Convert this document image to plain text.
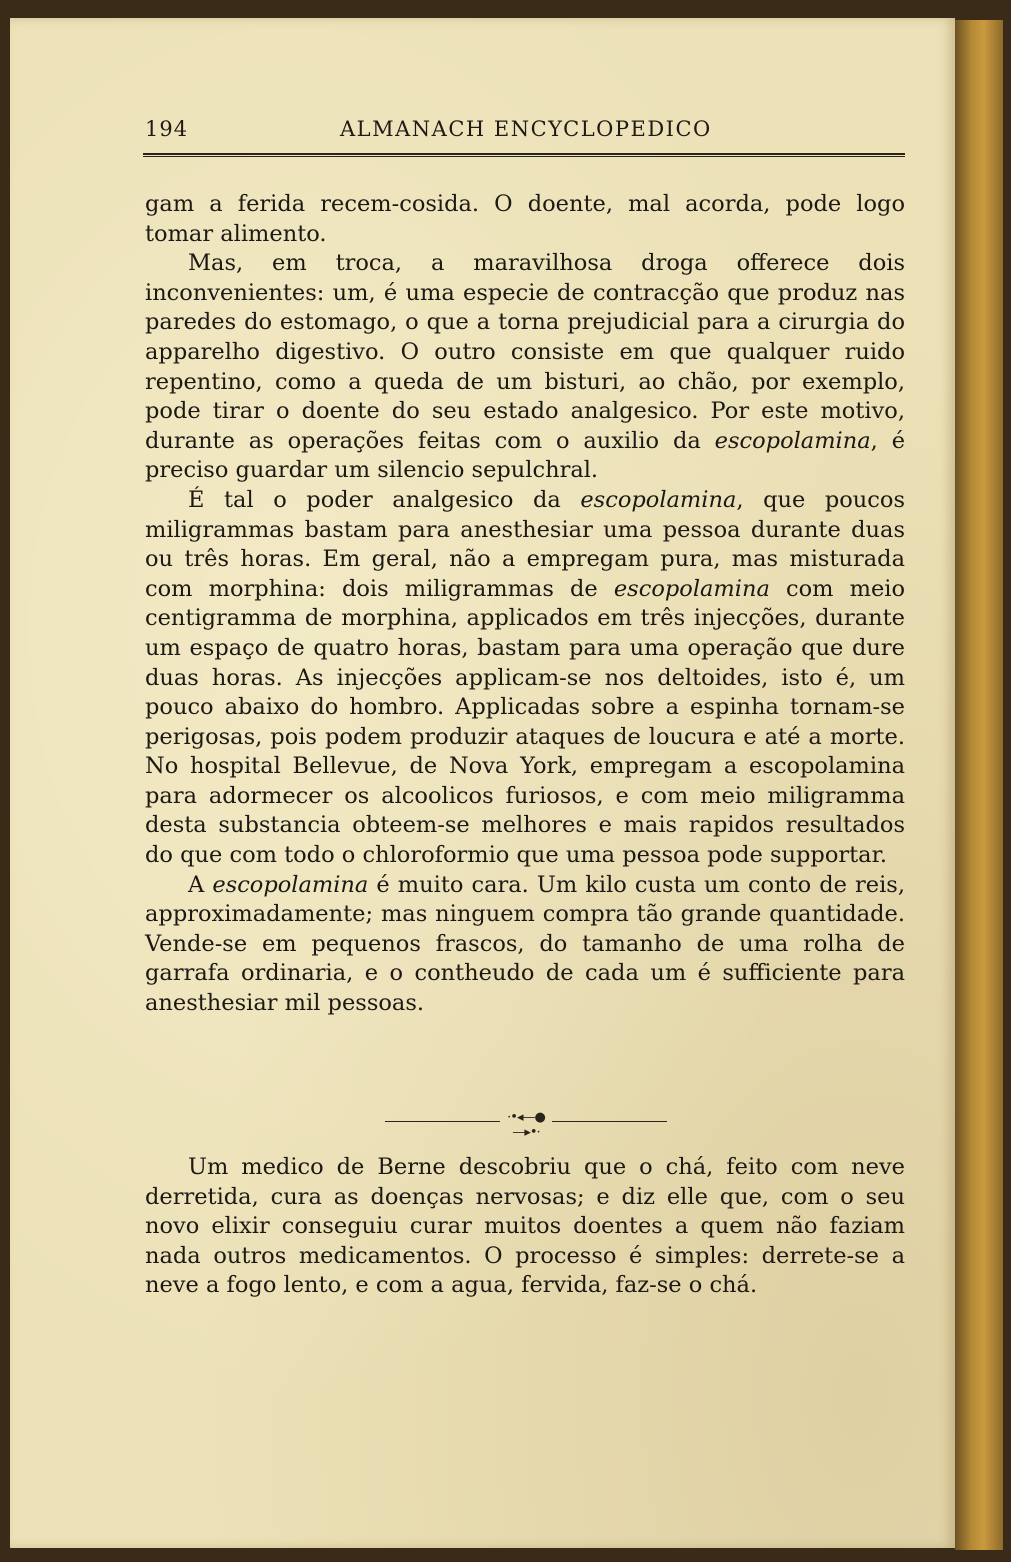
194	ALMANACH ENCYCLOPEDICO

gam a ferida recem-cosida. O doente, mal acorda, pode logo tomar alimento.

Mas, em troca, a maravilhosa droga offerece dois inconvenientes: um, é uma especie de contracção que produz nas paredes do estomago, o que a torna prejudicial para a cirurgia do apparelho digestivo. O outro consiste em que qualquer ruido repentino, como a queda de um bisturi, ao chão, por exemplo, pode tirar o doente do seu estado analgesico. Por este motivo, durante as operações feitas com o auxilio da escopolamina, é preciso guardar um silencio sepulchral.

É tal o poder analgesico da escopolamina, que poucos miligrammas bastam para anesthesiar uma pessoa durante duas ou três horas. Em geral, não a empregam pura, mas misturada com morphina: dois miligrammas de escopolamina com meio centigramma de morphina, applicados em três injecções, durante um espaço de quatro horas, bastam para uma operação que dure duas horas. As injecções applicam-se nos deltoides, isto é, um pouco abaixo do hombro. Applicadas sobre a espinha tornam-se perigosas, pois podem produzir ataques de loucura e até a morte. No hospital Bellevue, de Nova York, empregam a escopolamina para adormecer os alcoolicos furiosos, e com meio miligramma desta substancia obteem-se melhores e mais rapidos resultados do que com todo o chloroformio que uma pessoa pode supportar.

A escopolamina é muito cara. Um kilo custa um conto de reis, approximadamente; mas ninguem compra tão grande quantidade. Vende-se em pequenos frascos, do tamanho de uma rolha de garrafa ordinaria, e o contheudo de cada um é sufficiente para anesthesiar mil pessoas.

·•◂—●—▸•·

Um medico de Berne descobriu que o chá, feito com neve derretida, cura as doenças nervosas; e diz elle que, com o seu novo elixir conseguiu curar muitos doentes a quem não faziam nada outros medicamentos. O processo é simples: derrete-se a neve a fogo lento, e com a agua, fervida, faz-se o chá.
